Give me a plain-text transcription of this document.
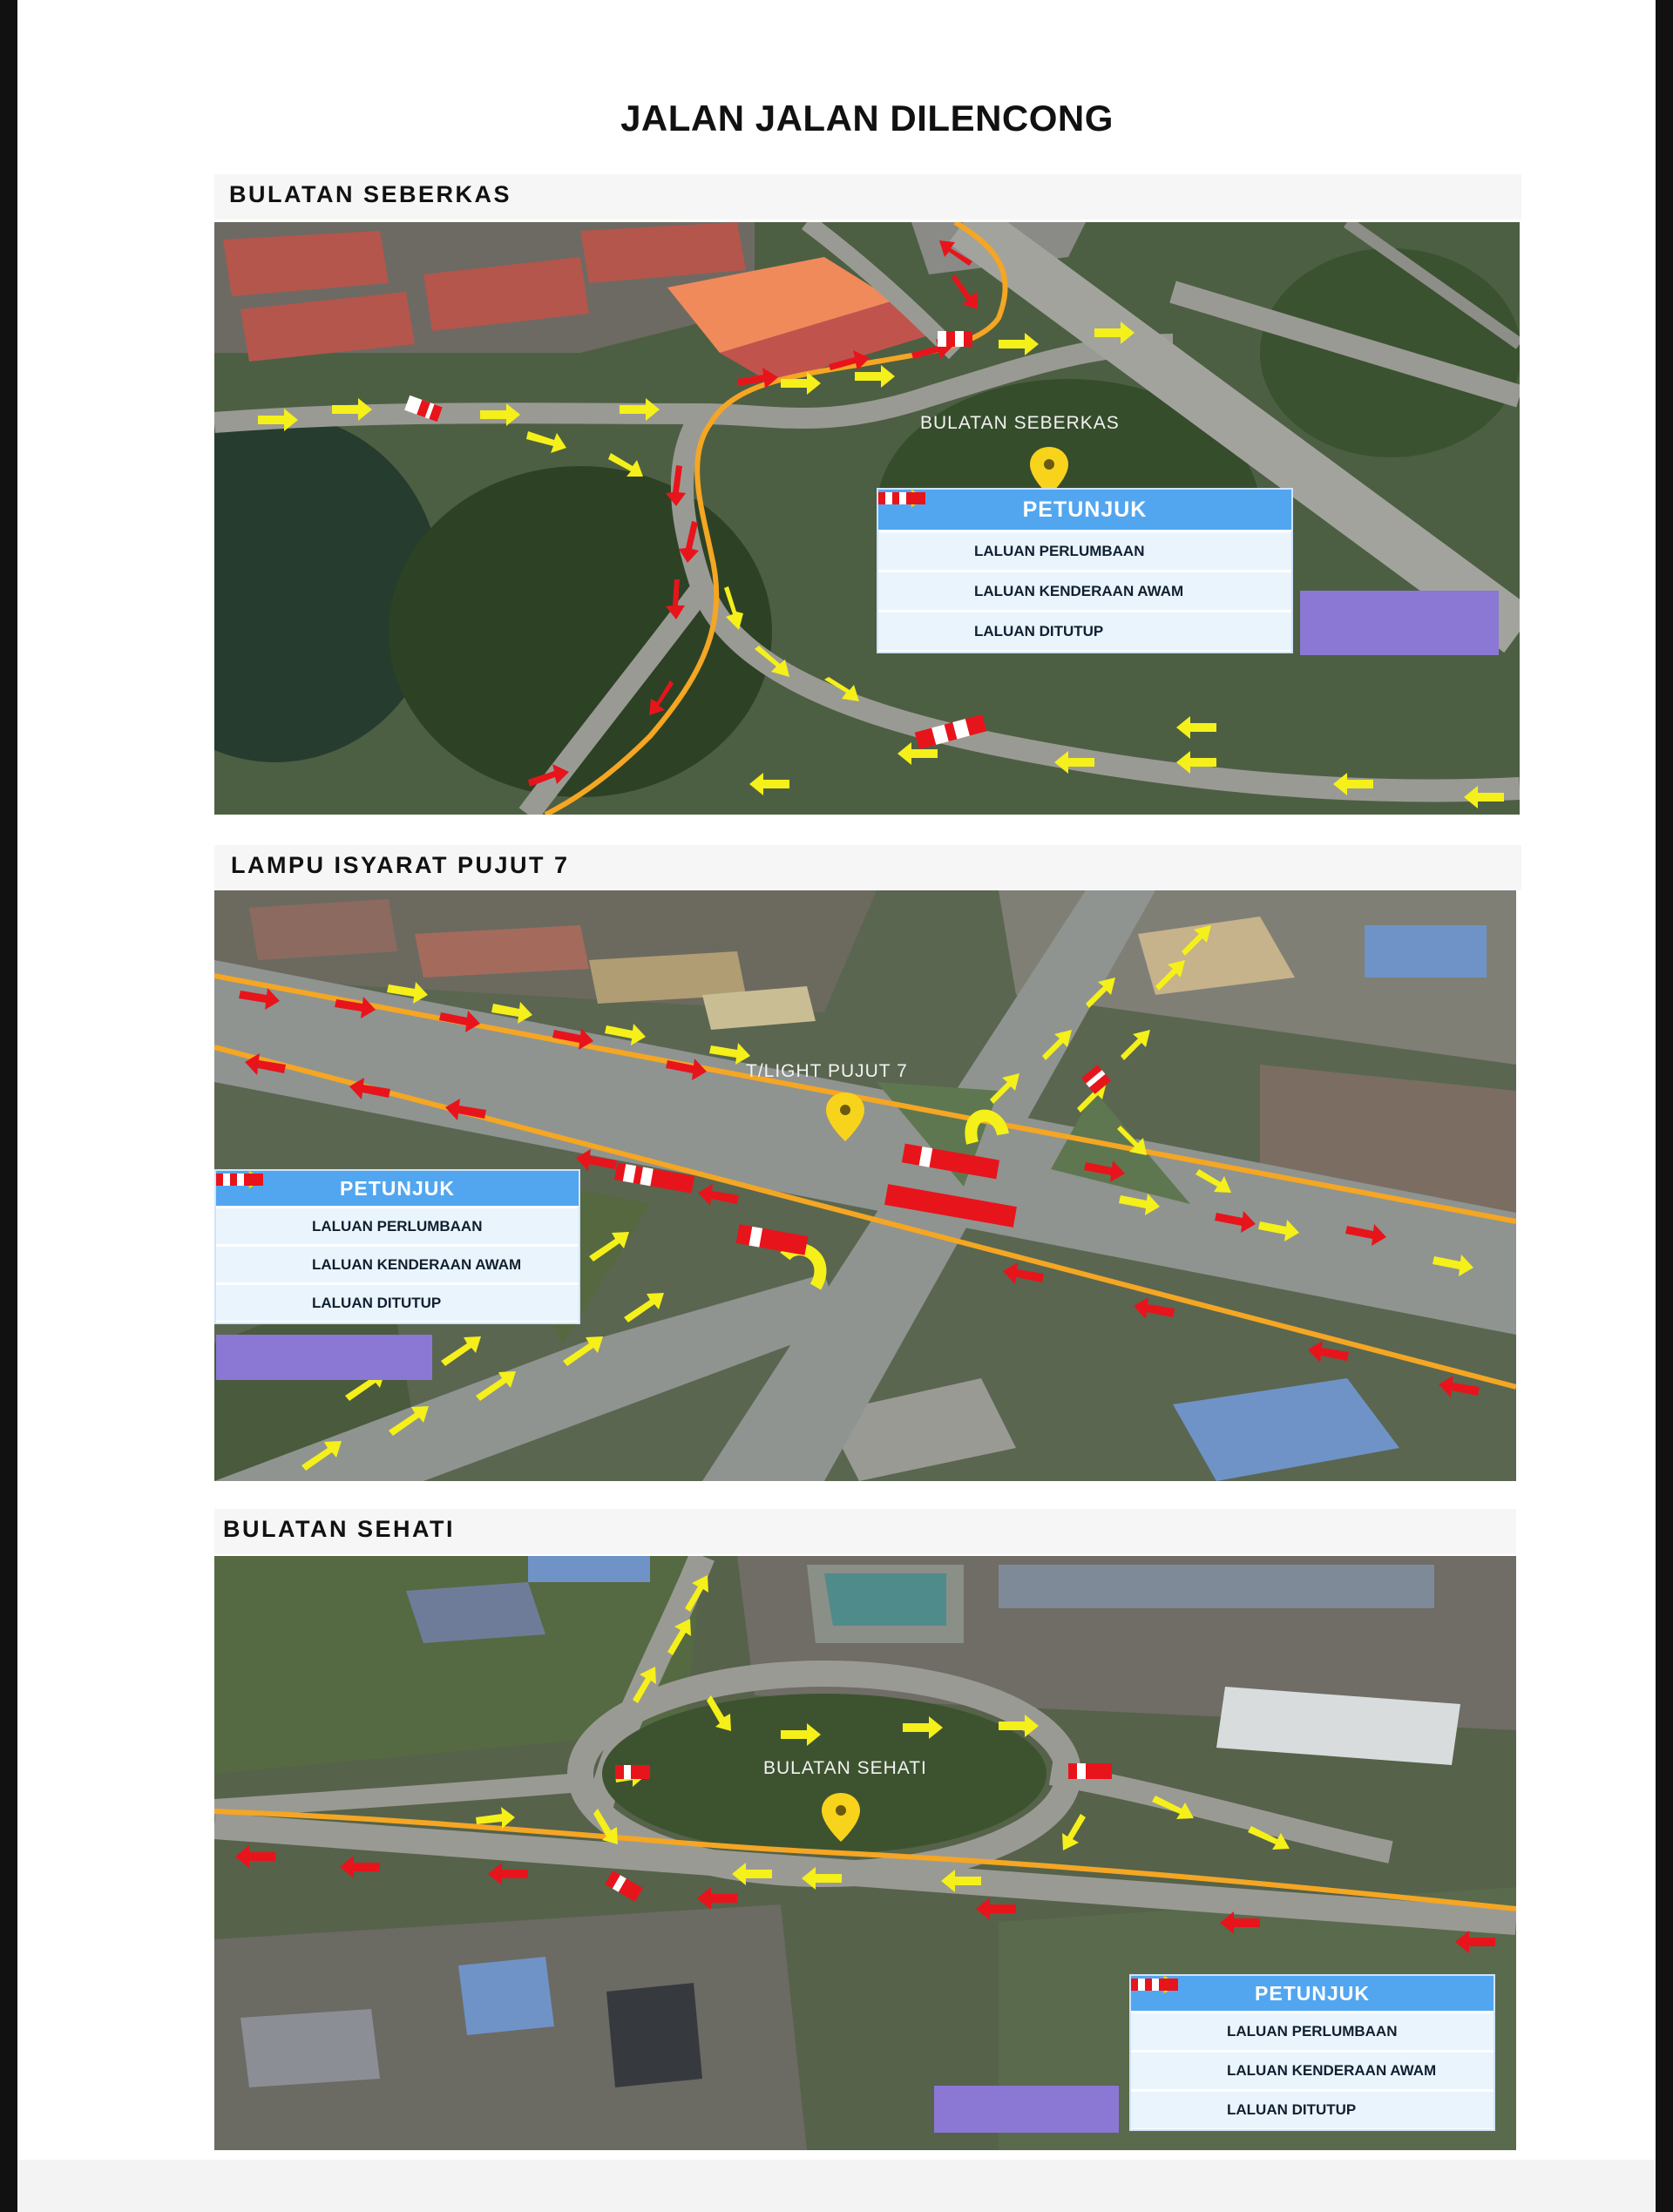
JALAN JALAN DILENCONG
BULATAN SEBERKAS
BULATAN SEBERKAS
PETUNJUK
LALUAN PERLUMBAAN
LALUAN KENDERAAN AWAM
LALUAN DITUTUP
LAMPU ISYARAT PUJUT 7
T/LIGHT PUJUT 7
PETUNJUK
LALUAN PERLUMBAAN
LALUAN KENDERAAN AWAM
LALUAN DITUTUP
BULATAN SEHATI
BULATAN SEHATI
PETUNJUK
LALUAN PERLUMBAAN
LALUAN KENDERAAN AWAM
LALUAN DITUTUP
